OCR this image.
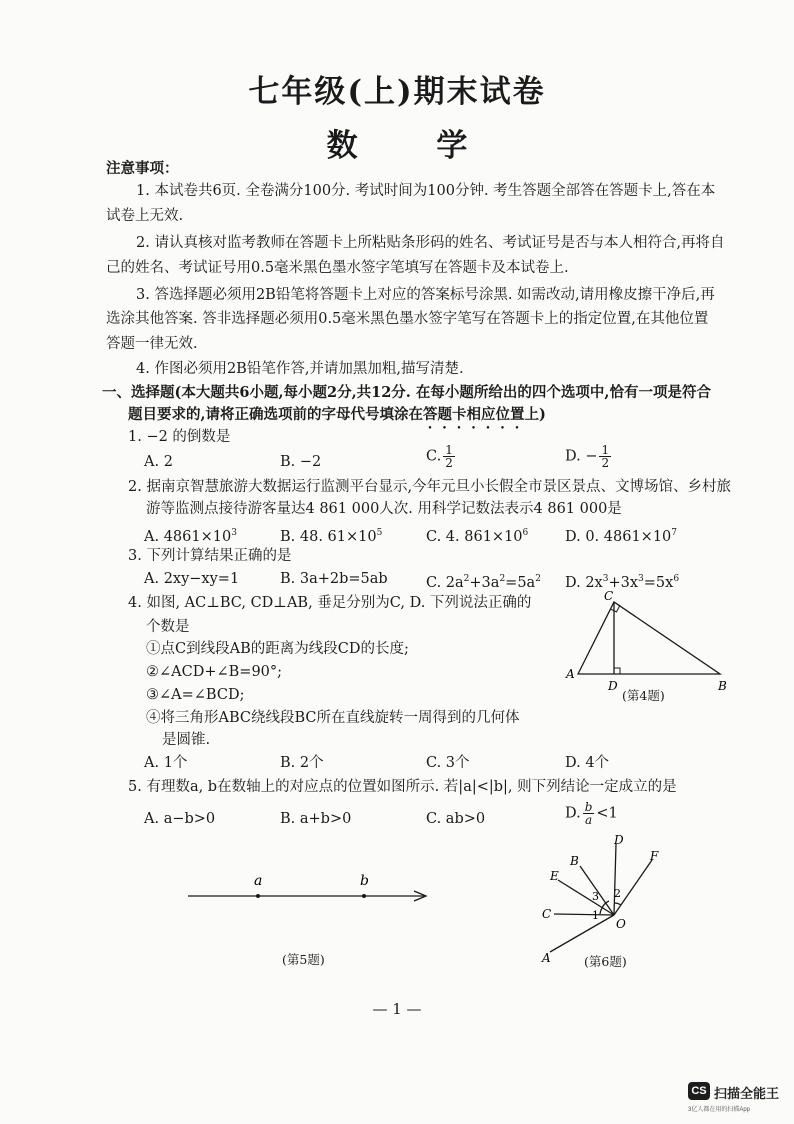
七年级(上)期末试卷
数 学
注意事项：
1. 本试卷共6页. 全卷满分100分. 考试时间为100分钟. 考生答题全部答在答题卡上,答在本
试卷上无效.
2. 请认真核对监考教师在答题卡上所粘贴条形码的姓名、考试证号是否与本人相符合,再将自
己的姓名、考试证号用0.5毫米黑色墨水签字笔填写在答题卡及本试卷上.
3. 答选择题必须用2B铅笔将答题卡上对应的答案标号涂黑. 如需改动,请用橡皮擦干净后,再
选涂其他答案. 答非选择题必须用0.5毫米黑色墨水签字笔写在答题卡上的指定位置,在其他位置
答题一律无效.
4. 作图必须用2B铅笔作答,并请加黑加粗,描写清楚.
一、选择题(本大题共6小题,每小题2分,共12分. 在每小题所给出的四个选项中,恰有一项是符合
题目要求的,请将正确选项前的字母代号填涂在答题卡相应位置上)
1. −2 的倒数是
A. 2	B. −2	C. $\frac{1}{2}$	D. − $\frac{1}{2}$
2. 据南京智慧旅游大数据运行监测平台显示,今年元旦小长假全市景区景点、文博场馆、乡村旅
游等监测点接待游客量达4 861 000人次. 用科学记数法表示4 861 000是
A. $4861\times 10^3$	B. 48. $61\times 10^5$	C. 4. $861\times 10^6$	D. 0. $4861\times 10^7$
3. 下列计算结果正确的是
A. 2xy−xy=1	B. 3a+2b=5ab	C. $2a^2+3a^2=5a^2$ D. $2x^3+3x^3=5x^6$
4. 如图, AC⊥BC, CD⊥AB, 垂足分别为C, D. 下列说法正确的
个数是
①点C到线段AB的距离为线段CD的长度;
②∠ACD+∠B=90°;
③∠A=∠BCD;
④将三角形ABC绕线段BC所在直线旋转一周得到的几何体
是圆锥.
A. 1个	B. 2个	C. 3个	D. 4个
C
A
D	B
(第4题)
5. 有理数a, b在数轴上的对应点的位置如图所示. 若|a|<|b|, 则下列结论一定成立的是
A. a−b>0	B. a+b>0	C. ab>0	D. $\frac{b}{a} <1$
a	b
(第5题)
D
F
B
E
C
O
A
1
2
3
(第6题)
— 1 —
CS 扫描全能王
3亿人都在用的扫描App
